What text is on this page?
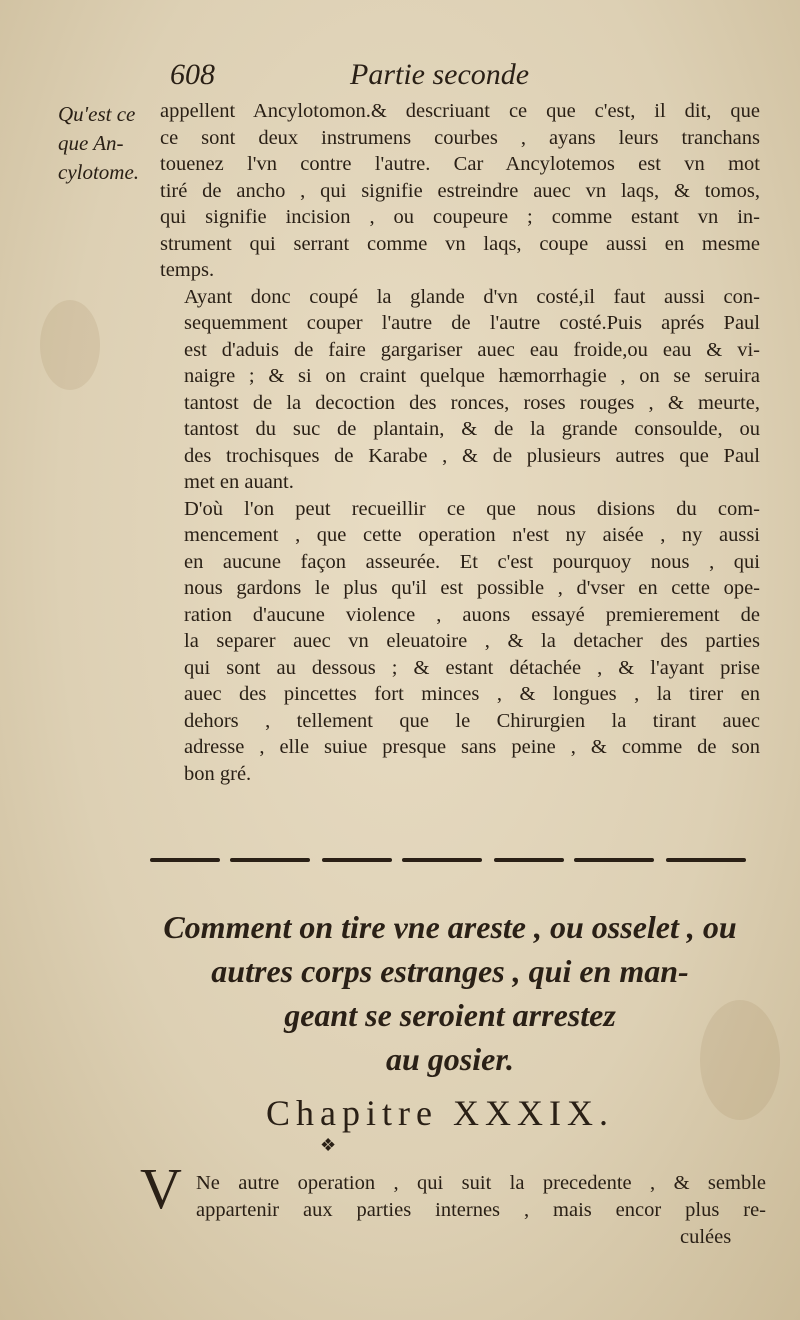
608	Partie seconde
Qu'est ce
que An-
cylotome.

appellent Ancylotomon.& descriuant ce que c'est, il dit, que
ce sont deux instrumens courbes , ayans leurs tranchans
touenez l'vn contre l'autre. Car Ancylotemos est vn mot
tiré de ancho , qui signifie estreindre auec vn laqs, & tomos,
qui signifie incision , ou coupeure ; comme estant vn in-
strument qui serrant comme vn laqs, coupe aussi en mesme
temps.

Ayant donc coupé la glande d'vn costé,il faut aussi con-
sequemment couper l'autre de l'autre costé.Puis aprés Paul
est d'aduis de faire gargariser auec eau froide,ou eau & vi-
naigre ; & si on craint quelque hæmorrhagie , on se seruira
tantost de la decoction des ronces, roses rouges , & meurte,
tantost du suc de plantain, & de la grande consoulde, ou
des trochisques de Karabe , & de plusieurs autres que Paul
met en auant.

D'où l'on peut recueillir ce que nous disions du com-
mencement , que cette operation n'est ny aisée , ny aussi
en aucune façon asseurée. Et c'est pourquoy nous , qui
nous gardons le plus qu'il est possible , d'vser en cette ope-
ration d'aucune violence , auons essayé premierement de
la separer auec vn eleuatoire , & la detacher des parties
qui sont au dessous ; & estant détachée , & l'ayant prise
auec des pincettes fort minces , & longues , la tirer en
dehors , tellement que le Chirurgien la tirant auec
adresse , elle suiue presque sans peine , & comme de son
bon gré.

Comment on tire vne areste , ou osselet , ou
autres corps estranges , qui en man-
geant se seroient arrestez
au gosier.
Chapitre XXXIX.
❖
V Ne autre operation , qui suit la precedente , & semble
appartenir aux parties internes , mais encor plus re-
culées
